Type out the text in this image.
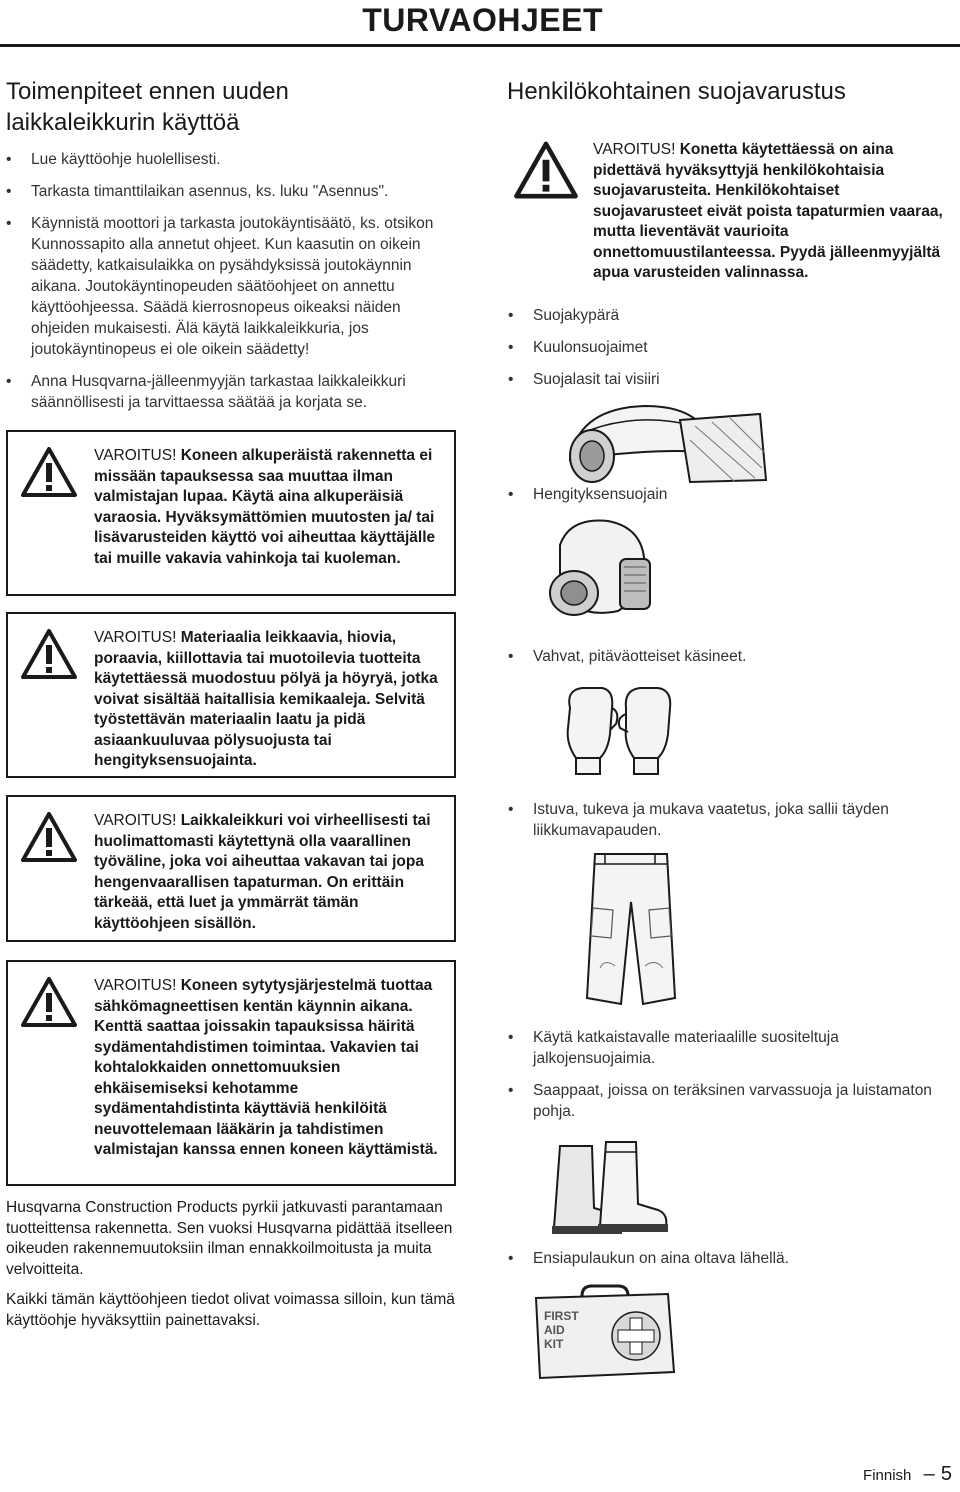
TURVAOHJEET
Toimenpiteet ennen uuden laikkaleikkurin käyttöä
• Lue käyttöohje huolellisesti.
• Tarkasta timanttilaikan asennus, ks. luku "Asennus".
• Käynnistä moottori ja tarkasta joutokäyntisäätö, ks. otsikon Kunnossapito alla annetut ohjeet. Kun kaasutin on oikein säädetty, katkaisulaikka on pysähdyksissä joutokäynnin aikana. Joutokäyntinopeuden säätöohjeet on annettu käyttöohjeessa. Säädä kierrosnopeus oikeaksi näiden ohjeiden mukaisesti. Älä käytä laikkaleikkuria, jos joutokäyntinopeus ei ole oikein säädetty!
• Anna Husqvarna-jälleenmyyjän tarkastaa laikkaleikkuri säännöllisesti ja tarvittaessa säätää ja korjata se.
VAROITUS! Koneen alkuperäistä rakennetta ei missään tapauksessa saa muuttaa ilman valmistajan lupaa. Käytä aina alkuperäisiä varaosia. Hyväksymättömien muutosten ja/ tai lisävarusteiden käyttö voi aiheuttaa käyttäjälle tai muille vakavia vahinkoja tai kuoleman.
VAROITUS! Materiaalia leikkaavia, hiovia, poraavia, kiillottavia tai muotoilevia tuotteita käytettäessä muodostuu pölyä ja höyryä, jotka voivat sisältää haitallisia kemikaaleja. Selvitä työstettävän materiaalin laatu ja pidä asiaankuuluvaa pölysuojusta tai hengityksensuojainta.
VAROITUS! Laikkaleikkuri voi virheellisesti tai huolimattomasti käytettynä olla vaarallinen työväline, joka voi aiheuttaa vakavan tai jopa hengenvaarallisen tapaturman. On erittäin tärkeää, että luet ja ymmärrät tämän käyttöohjeen sisällön.
VAROITUS! Koneen sytytysjärjestelmä tuottaa sähkömagneettisen kentän käynnin aikana. Kenttä saattaa joissakin tapauksissa häiritä sydämentahdistimen toimintaa. Vakavien tai kohtalokkaiden onnettomuuksien ehkäisemiseksi kehotamme sydämentahdistinta käyttäviä henkilöitä neuvottelemaan lääkärin ja tahdistimen valmistajan kanssa ennen koneen käyttämistä.

Husqvarna Construction Products pyrkii jatkuvasti parantamaan tuotteittensa rakennetta. Sen vuoksi Husqvarna pidättää itselleen oikeuden rakennemuutoksiin ilman ennakkoilmoitusta ja muita velvoitteita.

Kaikki tämän käyttöohjeen tiedot olivat voimassa silloin, kun tämä käyttöohje hyväksyttiin painettavaksi.

Henkilökohtainen suojavarustus
VAROITUS! Konetta käytettäessä on aina pidettävä hyväksyttyjä henkilökohtaisia suojavarusteita. Henkilökohtaiset suojavarusteet eivät poista tapaturmien vaaraa, mutta lieventävät vaurioita onnettomuustilanteessa. Pyydä jälleenmyyjältä apua varusteiden valinnassa.
• Suojakypärä
• Kuulonsuojaimet
• Suojalasit tai visiiri
• Hengityksensuojain
• Vahvat, pitäväotteiset käsineet.
• Istuva, tukeva ja mukava vaatetus, joka sallii täyden liikkumavapauden.
• Käytä katkaistavalle materiaalille suositeltuja jalkojensuojaimia.
• Saappaat, joissa on teräksinen varvassuoja ja luistamaton pohja.
• Ensiapulaukun on aina oltava lähellä.
FIRST
AID
KIT
Finnish – 5
